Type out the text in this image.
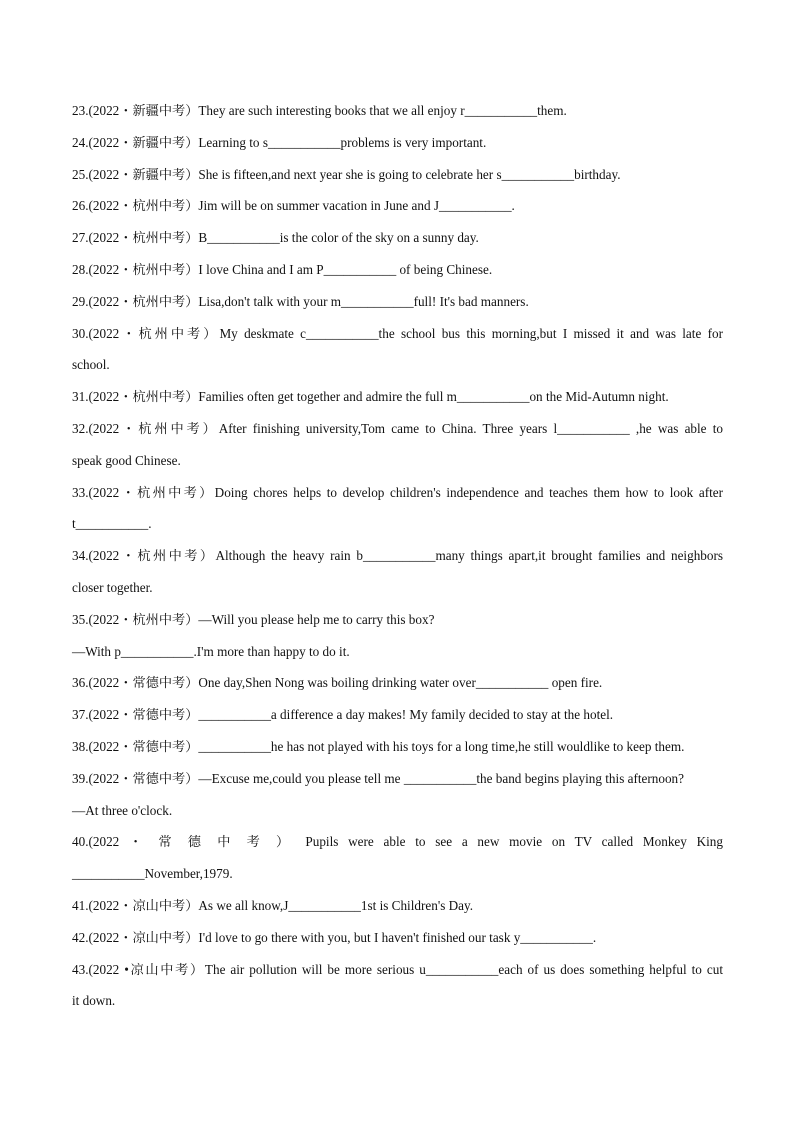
23.(2022・新疆中考）They are such interesting books that we all enjoy r___________them.
24.(2022・新疆中考）Learning to s___________problems is very important.
25.(2022・新疆中考）She is fifteen,and next year she is going to celebrate her s___________birthday.
26.(2022・杭州中考）Jim will be on summer vacation in June and J___________.
27.(2022・杭州中考）B___________is the color of the sky on a sunny day.
28.(2022・杭州中考）I love China and I am P___________ of being Chinese.
29.(2022・杭州中考）Lisa,don't talk with your m___________full! It's bad manners.
30.(2022・杭州中考）My deskmate c___________the school bus this morning,but I missed it and was late for
school.
31.(2022・杭州中考）Families often get together and admire the full m___________on the Mid-Autumn night.
32.(2022・杭州中考）After finishing university,Tom came to China. Three years l___________ ,he was able to
speak good Chinese.
33.(2022・杭州中考）Doing chores helps to develop children's independence and teaches them how to look after
t___________.
34.(2022・杭州中考）Although the heavy rain b___________many things apart,it brought families and neighbors
closer together.
35.(2022・杭州中考）—Will you please help me to carry this box?
—With p___________.I'm more than happy to do it.
36.(2022・常德中考）One day,Shen Nong was boiling drinking water over___________ open fire.
37.(2022・常德中考）___________a difference a day makes! My family decided to stay at the hotel.
38.(2022・常德中考）___________he has not played with his toys for a long time,he still wouldlike to keep them.
39.(2022・常德中考）—Excuse me,could you please tell me ___________the band begins playing this afternoon?
—At three o'clock.
40.(2022 ・ 常 德 中 考 ） Pupils were able to see a new movie on TV called Monkey King
___________November,1979.
41.(2022・凉山中考）As we all know,J___________1st is Children's Day.
42.(2022・凉山中考）I'd love to go there with you, but I haven't finished our task y___________.
43.(2022 •凉山中考）The air pollution will be more serious u___________each of us does something helpful to cut
it down.
